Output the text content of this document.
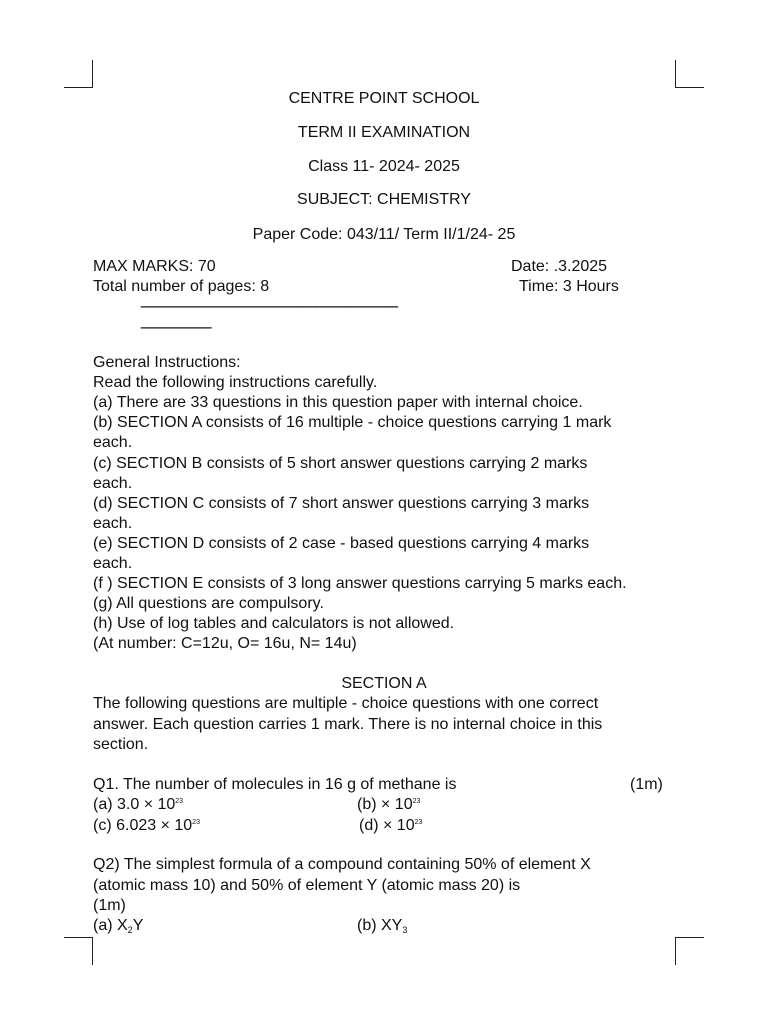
CENTRE POINT SCHOOL
TERM II EXAMINATION
Class 11- 2024- 2025
SUBJECT: CHEMISTRY
Paper Code: 043/11/ Term II/1/24- 25
MAX MARKS: 70	Date: .3.2025
Total number of pages: 8	Time: 3 Hours
---------------------------------------------------------------------
-------------------
General Instructions:
Read the following instructions carefully.
(a) There are 33 questions in this question paper with internal choice.
(b) SECTION A consists of 16 multiple - choice questions carrying 1 mark
each.
(c) SECTION B consists of 5 short answer questions carrying 2 marks
each.
(d) SECTION C consists of 7 short answer questions carrying 3 marks
each.
(e) SECTION D consists of 2 case - based questions carrying 4 marks
each.
(f ) SECTION E consists of 3 long answer questions carrying 5 marks each.
(g) All questions are compulsory.
(h) Use of log tables and calculators is not allowed.
(At number: C=12u, O= 16u, N= 14u)
SECTION A
The following questions are multiple - choice questions with one correct
answer. Each question carries 1 mark. There is no internal choice in this
section.
Q1. The number of molecules in 16 g of methane is	(1m)
(a) $3.0 \times 10^{23}$	$(b) \times 10^{23}$
(c) $6.023 \times 10^{23}$	$(d) \times 10^{23}$
Q2) The simplest formula of a compound containing 50% of element X
(atomic mass 10) and 50% of element Y (atomic mass 20) is
(1m)
(a) $X_2Y$	(b) $XY_3$
